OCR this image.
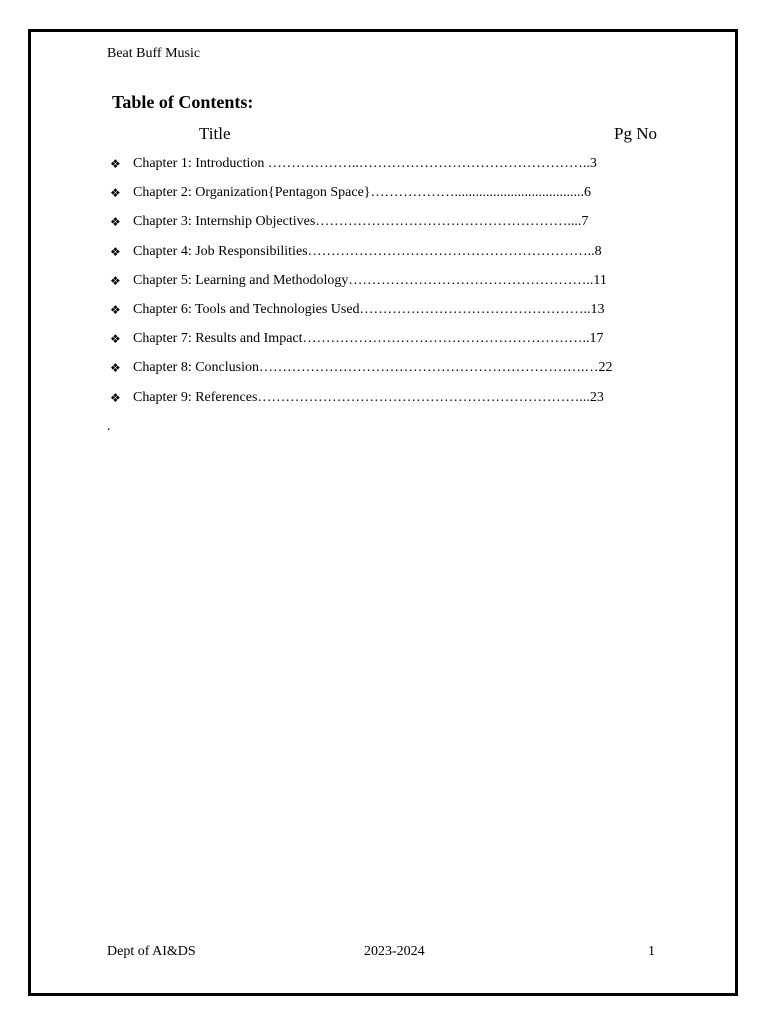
Beat Buff Music
Table of Contents:
Title	Pg No
❖ Chapter 1: Introduction ………………..…………………………………………..3
❖ Chapter 2: Organization{Pentagon Space}……………….....................................6
❖ Chapter 3: Internship Objectives………………………………………………....7
❖ Chapter 4: Job Responsibilities……………………………………………………..8
❖ Chapter 5: Learning and Methodology……………………………………………..11
❖ Chapter 6: Tools and Technologies Used…………………………………………..13
❖ Chapter 7: Results and Impact……………………………………………………..17
❖ Chapter 8: Conclusion…………………………………………………………….…22
❖ Chapter 9: References……………………………………………………………...23
.
Dept of AI&DS	2023-2024	1
